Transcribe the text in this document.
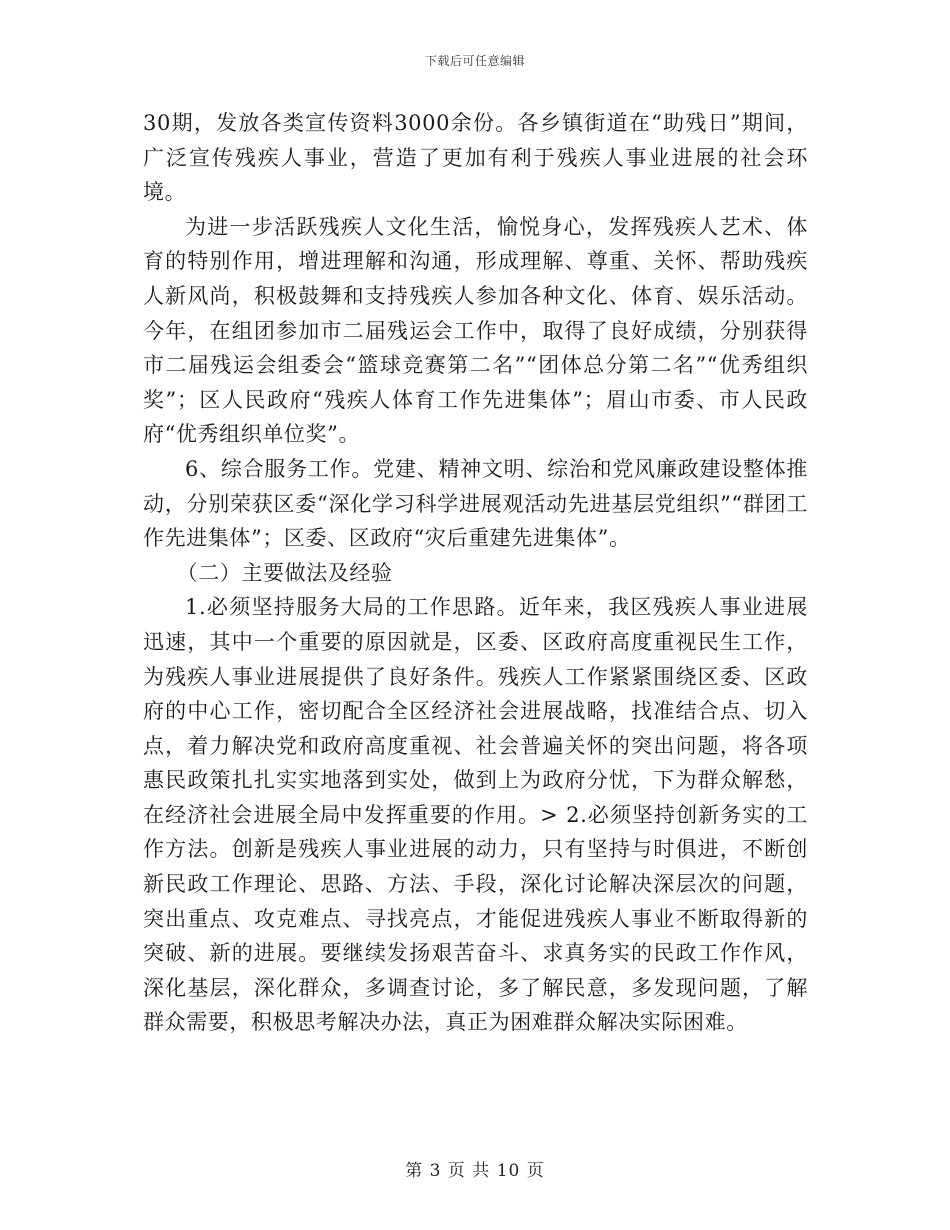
下载后可任意编辑

30期，发放各类宣传资料3000余份。各乡镇街道在“助残日”期间，广泛宣传残疾人事业，营造了更加有利于残疾人事业进展的社会环境。

为进一步活跃残疾人文化生活，愉悦身心，发挥残疾人艺术、体育的特别作用，增进理解和沟通，形成理解、尊重、关怀、帮助残疾人新风尚，积极鼓舞和支持残疾人参加各种文化、体育、娱乐活动。今年，在组团参加市二届残运会工作中，取得了良好成绩，分别获得市二届残运会组委会“篮球竞赛第二名”“团体总分第二名”“优秀组织奖”；区人民政府“残疾人体育工作先进集体”；眉山市委、市人民政府“优秀组织单位奖”。

6、综合服务工作。党建、精神文明、综治和党风廉政建设整体推动，分别荣获区委“深化学习科学进展观活动先进基层党组织”“群团工作先进集体”；区委、区政府“灾后重建先进集体”。

（二）主要做法及经验

1.必须坚持服务大局的工作思路。近年来，我区残疾人事业进展迅速，其中一个重要的原因就是，区委、区政府高度重视民生工作，为残疾人事业进展提供了良好条件。残疾人工作紧紧围绕区委、区政府的中心工作，密切配合全区经济社会进展战略，找准结合点、切入点，着力解决党和政府高度重视、社会普遍关怀的突出问题，将各项惠民政策扎扎实实地落到实处，做到上为政府分忧，下为群众解愁，在经济社会进展全局中发挥重要的作用。> 2.必须坚持创新务实的工作方法。创新是残疾人事业进展的动力，只有坚持与时俱进，不断创新民政工作理论、思路、方法、手段，深化讨论解决深层次的问题，突出重点、攻克难点、寻找亮点，才能促进残疾人事业不断取得新的突破、新的进展。要继续发扬艰苦奋斗、求真务实的民政工作作风，深化基层，深化群众，多调查讨论，多了解民意，多发现问题，了解群众需要，积极思考解决办法，真正为困难群众解决实际困难。

第 3 页 共 10 页
